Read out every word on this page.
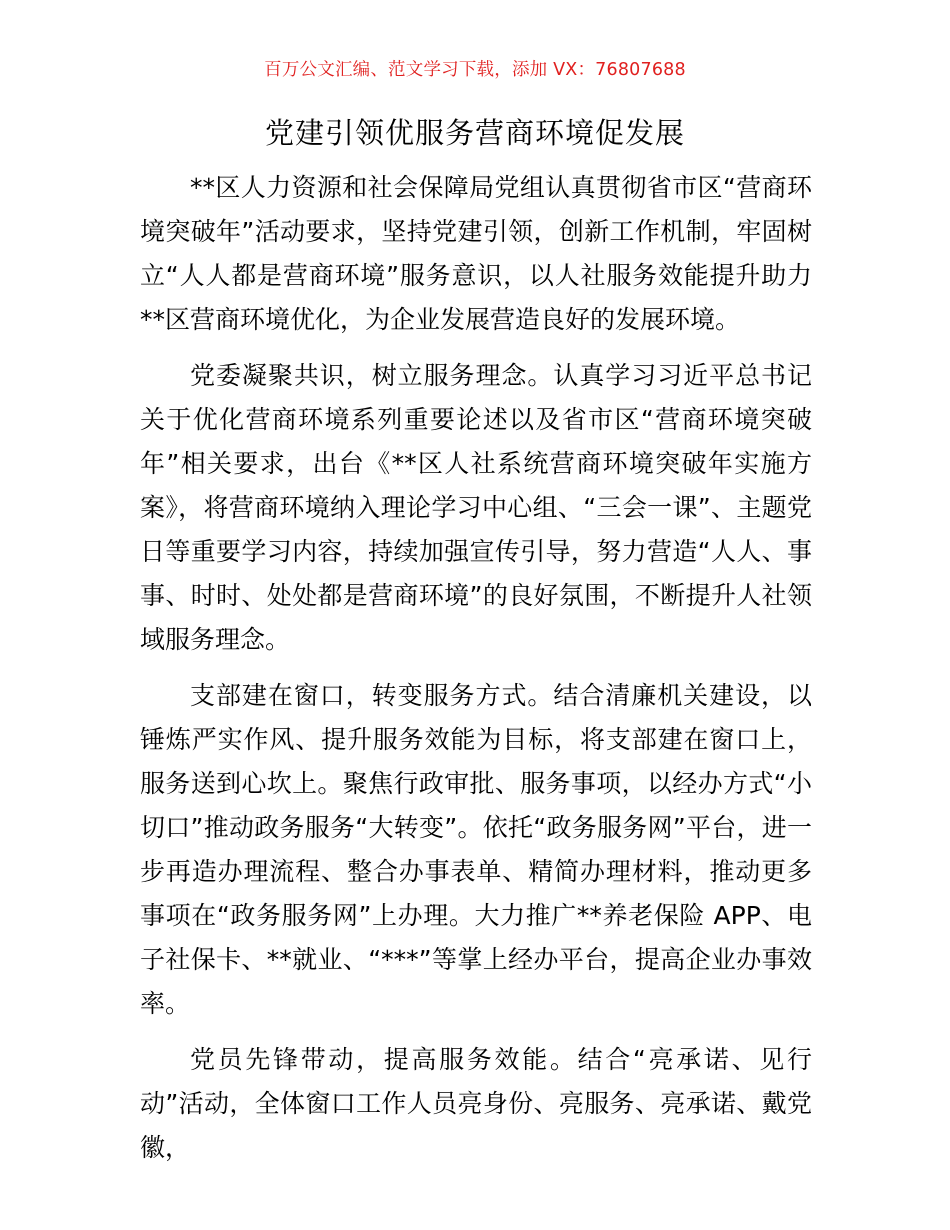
百万公文汇编、范文学习下载，添加 VX：76807688
党建引领优服务营商环境促发展

**区人力资源和社会保障局党组认真贯彻省市区“营商环境突破年”活动要求，坚持党建引领，创新工作机制，牢固树立“人人都是营商环境”服务意识，以人社服务效能提升助力**区营商环境优化，为企业发展营造良好的发展环境。

党委凝聚共识，树立服务理念。认真学习习近平总书记关于优化营商环境系列重要论述以及省市区“营商环境突破年”相关要求，出台《**区人社系统营商环境突破年实施方案》，将营商环境纳入理论学习中心组、“三会一课”、主题党日等重要学习内容，持续加强宣传引导，努力营造“人人、事事、时时、处处都是营商环境”的良好氛围，不断提升人社领域服务理念。

支部建在窗口，转变服务方式。结合清廉机关建设，以锤炼严实作风、提升服务效能为目标，将支部建在窗口上，服务送到心坎上。聚焦行政审批、服务事项，以经办方式“小切口”推动政务服务“大转变”。依托“政务服务网”平台，进一步再造办理流程、整合办事表单、精简办理材料，推动更多事项在“政务服务网”上办理。大力推广**养老保险 APP、电子社保卡、**就业、“***”等掌上经办平台，提高企业办事效率。

党员先锋带动，提高服务效能。结合“亮承诺、见行动”活动，全体窗口工作人员亮身份、亮服务、亮承诺、戴党徽，
